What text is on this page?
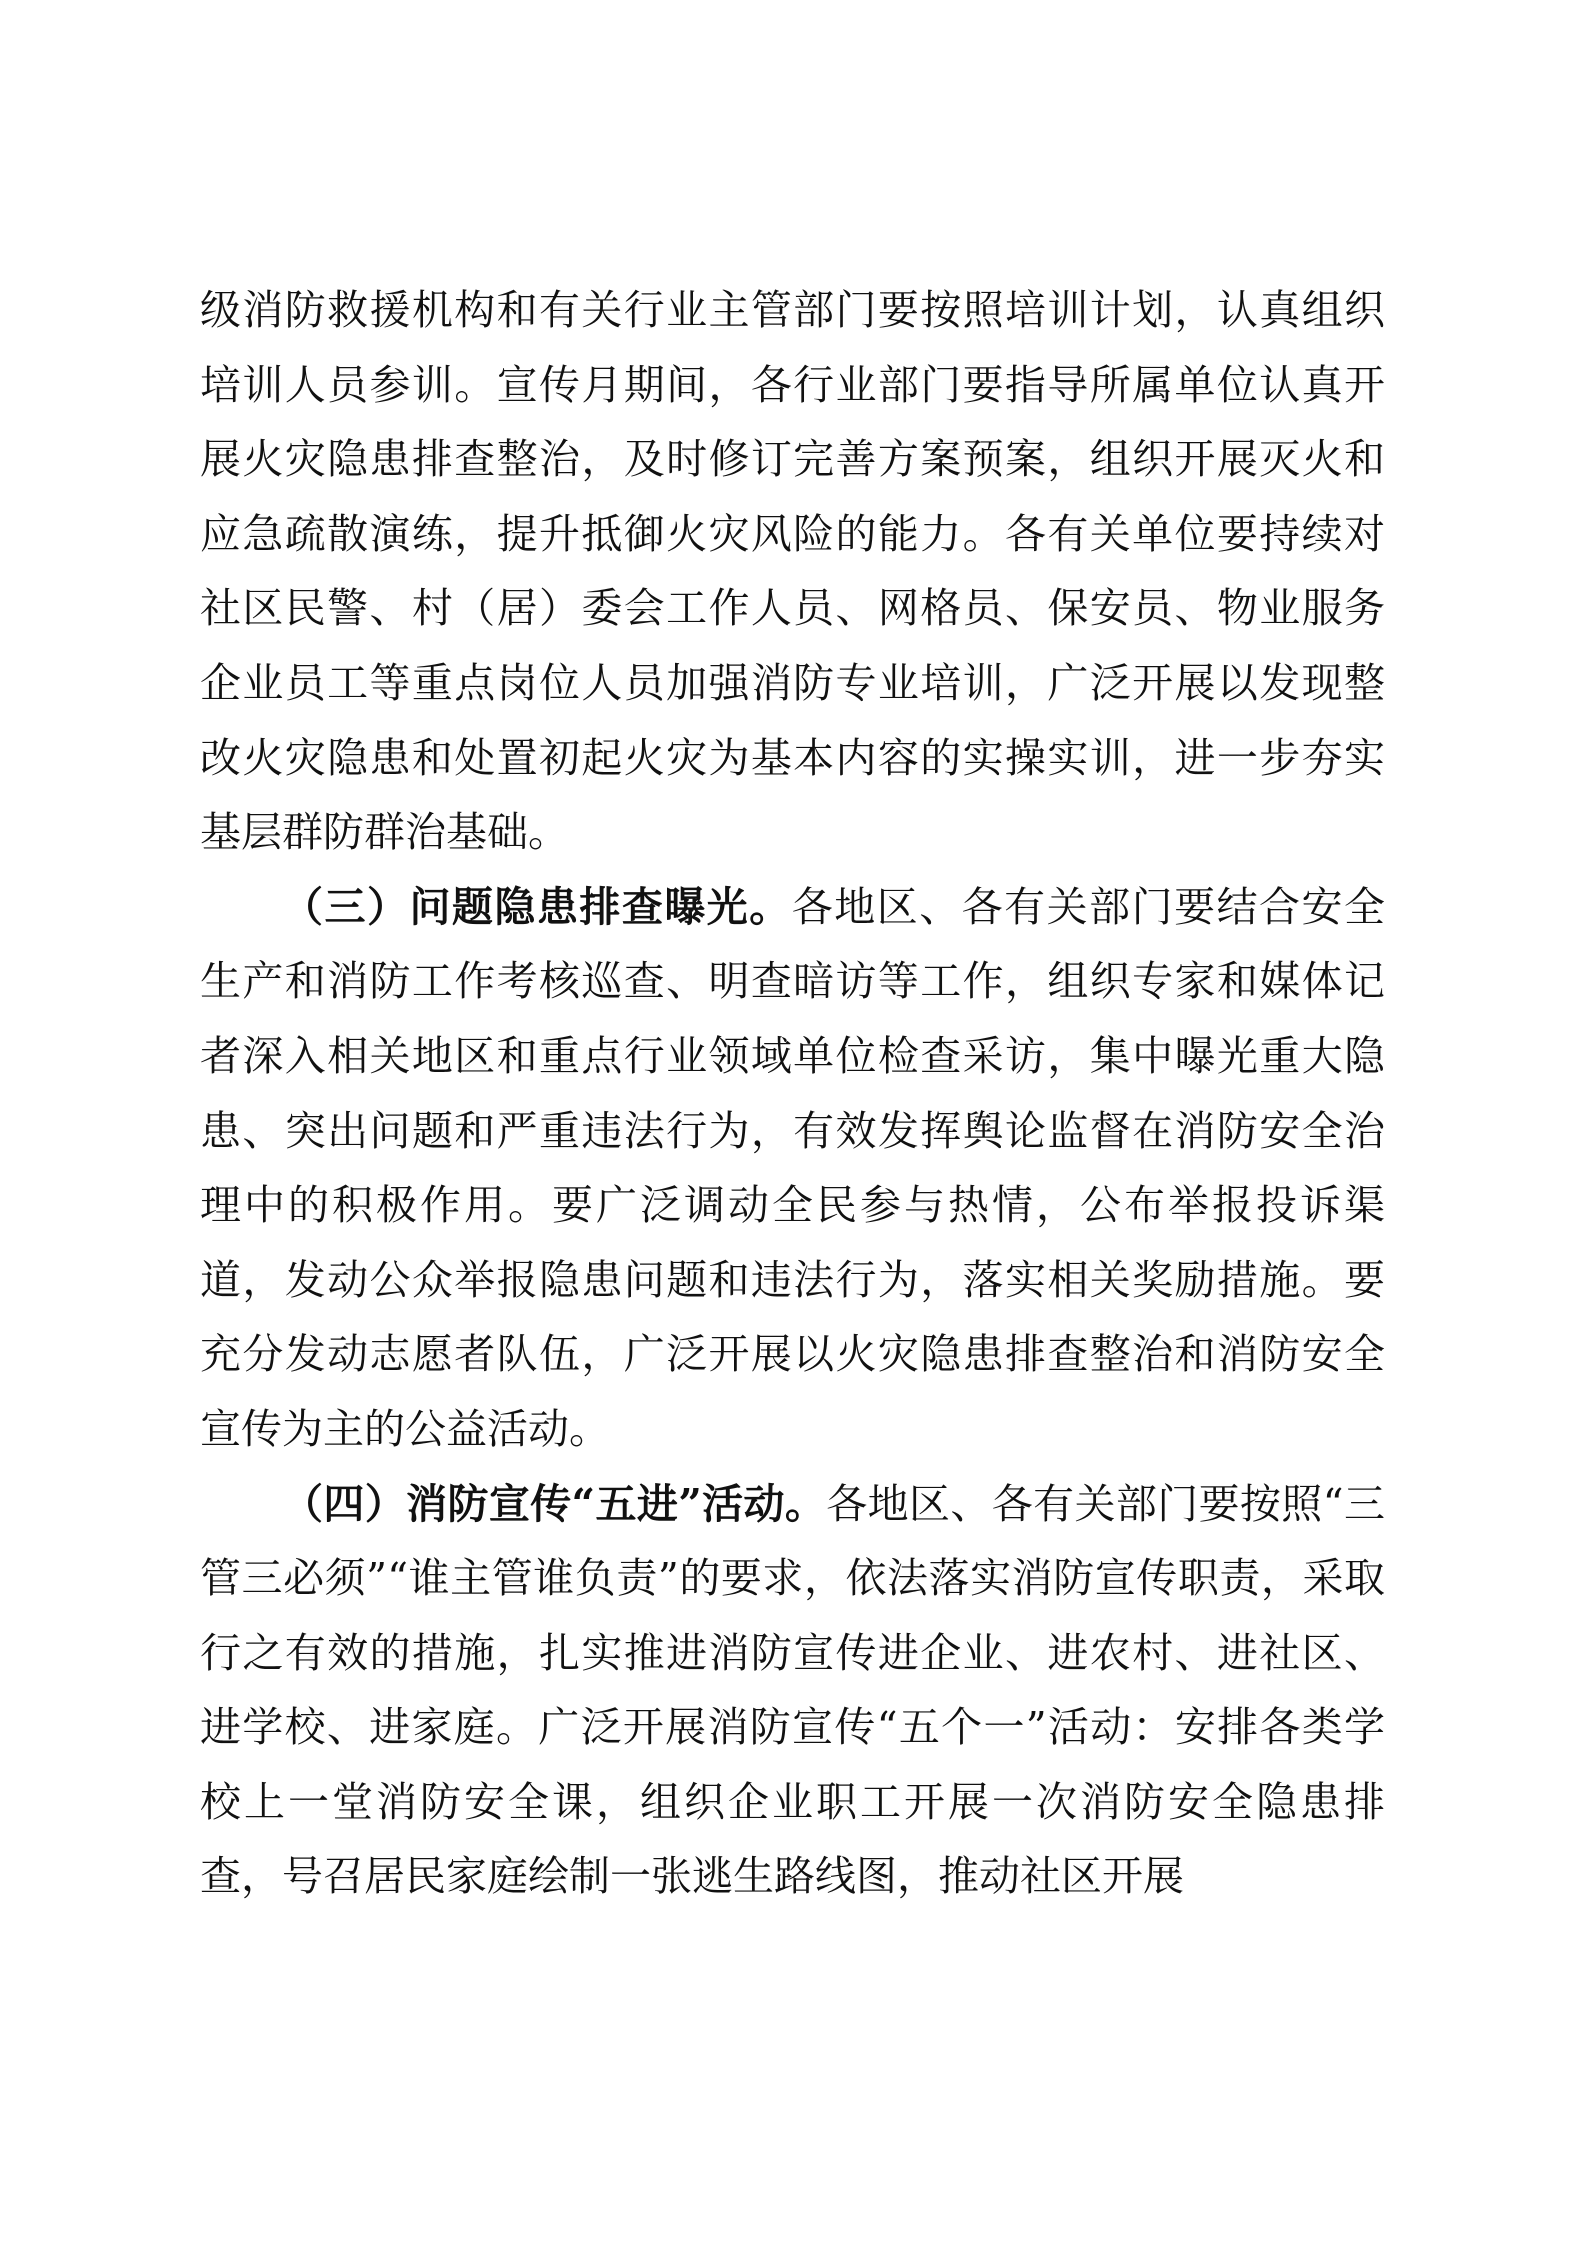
级消防救援机构和有关行业主管部门要按照培训计划，认真组织培训人员参训。宣传月期间，各行业部门要指导所属单位认真开展火灾隐患排查整治，及时修订完善方案预案，组织开展灭火和应急疏散演练，提升抵御火灾风险的能力。各有关单位要持续对社区民警、村（居）委会工作人员、网格员、保安员、物业服务企业员工等重点岗位人员加强消防专业培训，广泛开展以发现整改火灾隐患和处置初起火灾为基本内容的实操实训，进一步夯实基层群防群治基础。

（三）问题隐患排查曝光。各地区、各有关部门要结合安全生产和消防工作考核巡查、明查暗访等工作，组织专家和媒体记者深入相关地区和重点行业领域单位检查采访，集中曝光重大隐患、突出问题和严重违法行为，有效发挥舆论监督在消防安全治理中的积极作用。要广泛调动全民参与热情，公布举报投诉渠道，发动公众举报隐患问题和违法行为，落实相关奖励措施。要充分发动志愿者队伍，广泛开展以火灾隐患排查整治和消防安全宣传为主的公益活动。

（四）消防宣传“五进”活动。各地区、各有关部门要按照“三管三必须”“谁主管谁负责”的要求，依法落实消防宣传职责，采取行之有效的措施，扎实推进消防宣传进企业、进农村、进社区、进学校、进家庭。广泛开展消防宣传“五个一”活动：安排各类学校上一堂消防安全课，组织企业职工开展一次消防安全隐患排查，号召居民家庭绘制一张逃生路线图，推动社区开展
